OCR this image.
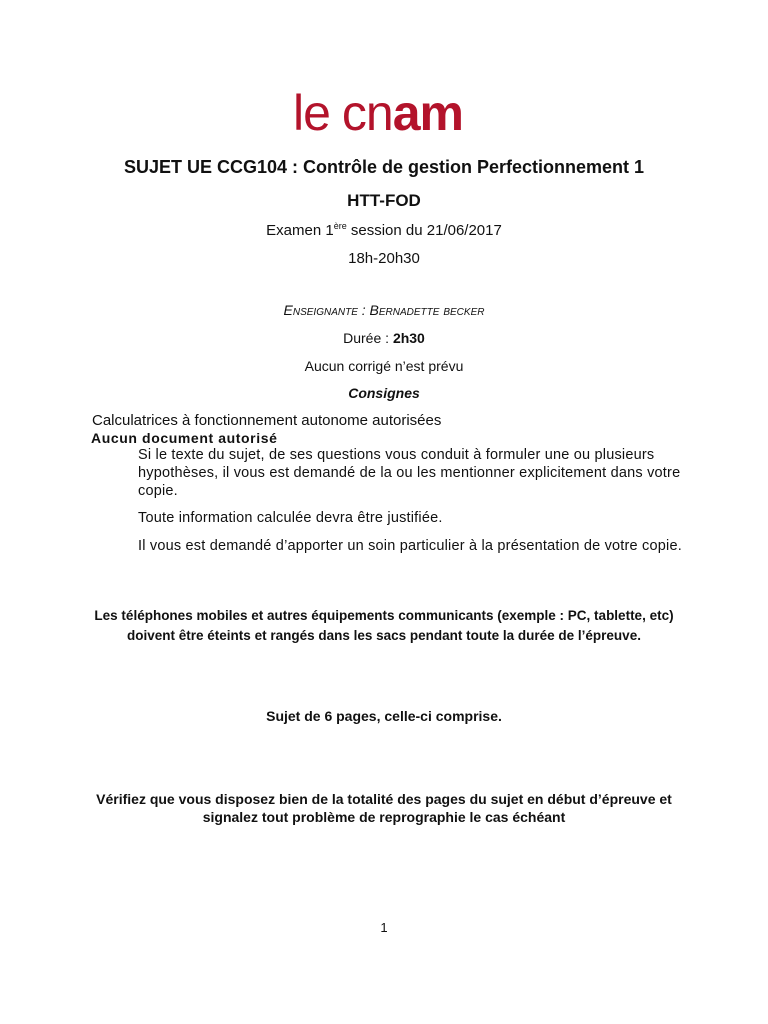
le cnam
SUJET UE CCG104 : Contrôle de gestion Perfectionnement 1
HTT-FOD
Examen 1ère session du 21/06/2017
18h-20h30
Enseignante : Bernadette becker
Durée : 2h30
Aucun corrigé n’est prévu
Consignes
Calculatrices à fonctionnement autonome autorisées
Aucun document autorisé
Si le texte du sujet, de ses questions vous conduit à formuler une ou plusieurs hypothèses, il vous est demandé de la ou les mentionner explicitement dans votre copie.
Toute information calculée devra être justifiée.
Il vous est demandé d’apporter un soin particulier à la présentation de votre copie.
Les téléphones mobiles et autres équipements communicants (exemple : PC, tablette, etc) doivent être éteints et rangés dans les sacs pendant toute la durée de l’épreuve.
Sujet de 6 pages, celle-ci comprise.
Vérifiez que vous disposez bien de la totalité des pages du sujet en début d’épreuve et signalez tout problème de reprographie le cas échéant
1
